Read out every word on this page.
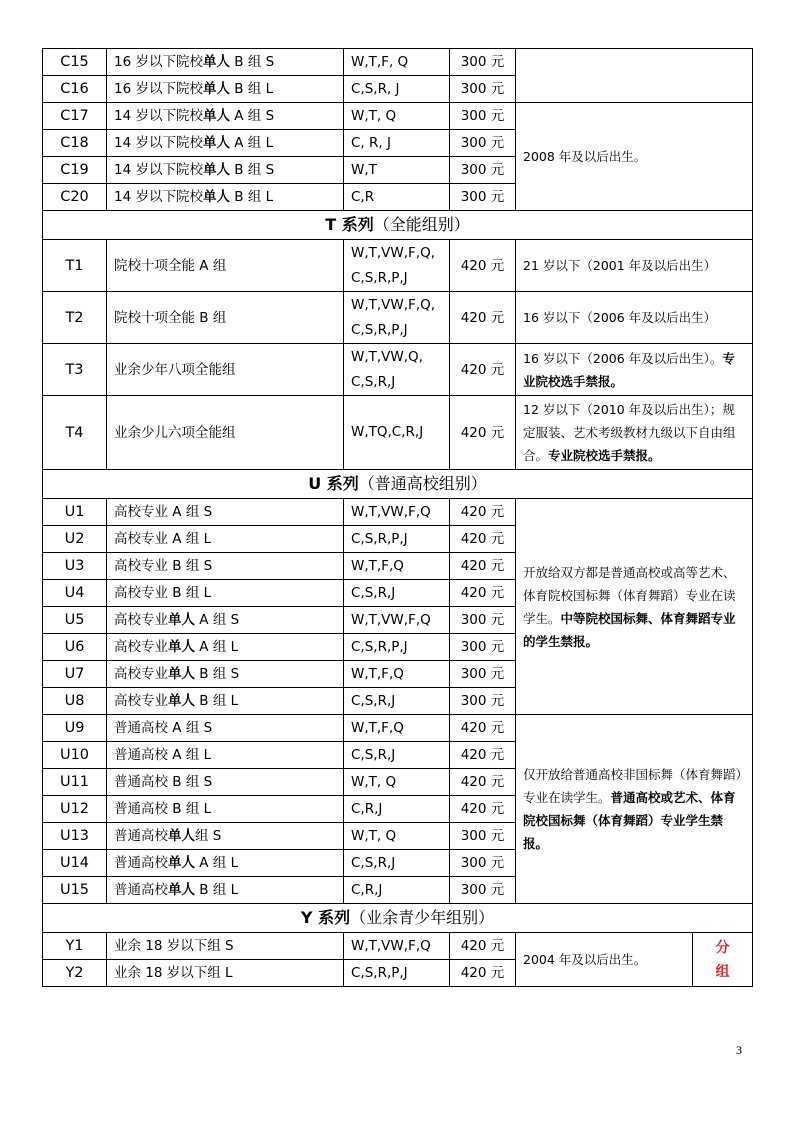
C15	16 岁以下院校单人 B 组 S	W,T,F, Q	300 元		
C16	16 岁以下院校单人 B 组 L	C,S,R, J	300 元		
C17	14 岁以下院校单人 A 组 S	W,T, Q	300 元	2008 年及以后出生。	
C18	14 岁以下院校单人 A 组 L	C, R, J	300 元		
C19	14 岁以下院校单人 B 组 S	W,T	300 元		
C20	14 岁以下院校单人 B 组 L	C,R	300 元		
T 系列（全能组别）					
T1	院校十项全能 A 组	W,T,VW,F,Q,
C,S,R,P,J	420 元	21 岁以下（2001 年及以后出生）	
T2	院校十项全能 B 组	W,T,VW,F,Q,
C,S,R,P,J	420 元	16 岁以下（2006 年及以后出生）	
T3	业余少年八项全能组	W,T,VW,Q,
C,S,R,J	420 元	16 岁以下（2006 年及以后出生）。专业院校选手禁报。	
T4	业余少儿六项全能组	W,TQ,C,R,J	420 元	12 岁以下（2010 年及以后出生）；规定服装、艺术考级教材九级以下自由组合。专业院校选手禁报。	
U 系列（普通高校组别）					
U1	高校专业 A 组 S	W,T,VW,F,Q	420 元	开放给双方都是普通高校或高等艺术、体育院校国标舞（体育舞蹈）专业在读学生。中等院校国标舞、体育舞蹈专业的学生禁报。	
U2	高校专业 A 组 L	C,S,R,P,J	420 元		
U3	高校专业 B 组 S	W,T,F,Q	420 元		
U4	高校专业 B 组 L	C,S,R,J	420 元		
U5	高校专业单人 A 组 S	W,T,VW,F,Q	300 元		
U6	高校专业单人 A 组 L	C,S,R,P,J	300 元		
U7	高校专业单人 B 组 S	W,T,F,Q	300 元		
U8	高校专业单人 B 组 L	C,S,R,J	300 元		
U9	普通高校 A 组 S	W,T,F,Q	420 元	仅开放给普通高校非国标舞（体育舞蹈）专业在读学生。普通高校或艺术、体育院校国标舞（体育舞蹈）专业学生禁报。	
U10	普通高校 A 组 L	C,S,R,J	420 元		
U11	普通高校 B 组 S	W,T, Q	420 元		
U12	普通高校 B 组 L	C,R,J	420 元		
U13	普通高校单人组 S	W,T, Q	300 元		
U14	普通高校单人 A 组 L	C,S,R,J	300 元		
U15	普通高校单人 B 组 L	C,R,J	300 元		
Y 系列（业余青少年组别）					
Y1	业余 18 岁以下组 S	W,T,VW,F,Q	420 元	2004 年及以后出生。	分
组
Y2	业余 18 岁以下组 L	C,S,R,P,J	420 元		
3
